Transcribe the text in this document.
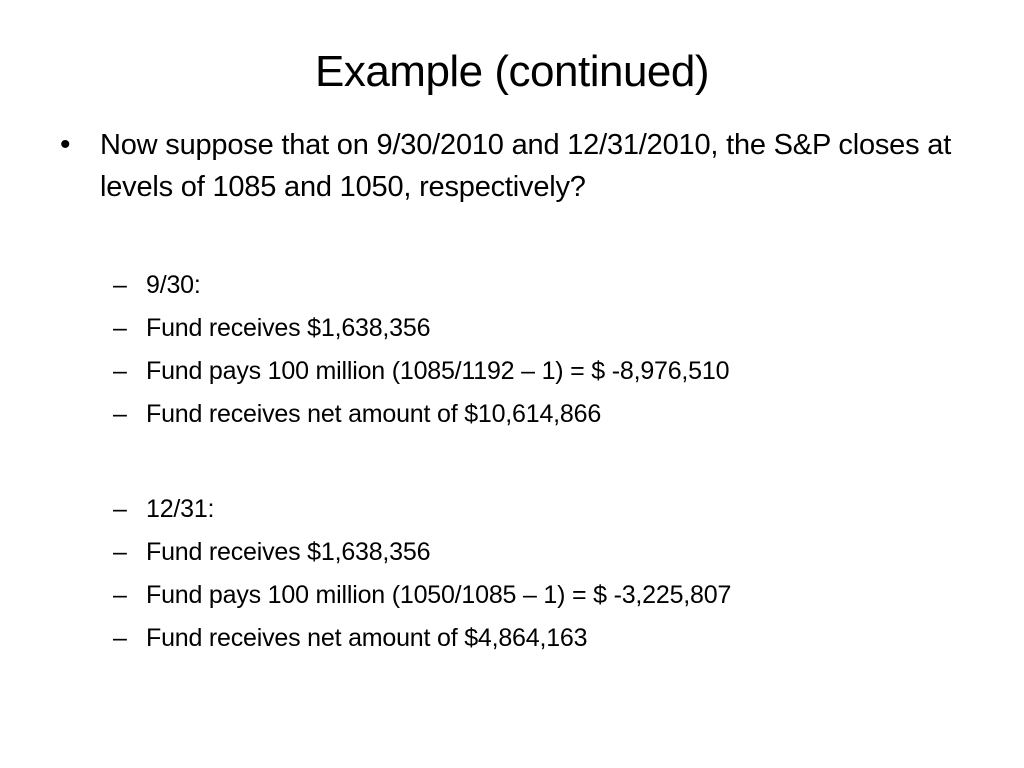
Example (continued)
• Now suppose that on 9/30/2010 and 12/31/2010, the S&P closes at levels of 1085 and 1050, respectively?
– 9/30:
– Fund receives $1,638,356
– Fund pays 100 million (1085/1192 – 1) = $ -8,976,510
– Fund receives net amount of $10,614,866
– 12/31:
– Fund receives $1,638,356
– Fund pays 100 million (1050/1085 – 1) = $ -3,225,807
– Fund receives net amount of $4,864,163
